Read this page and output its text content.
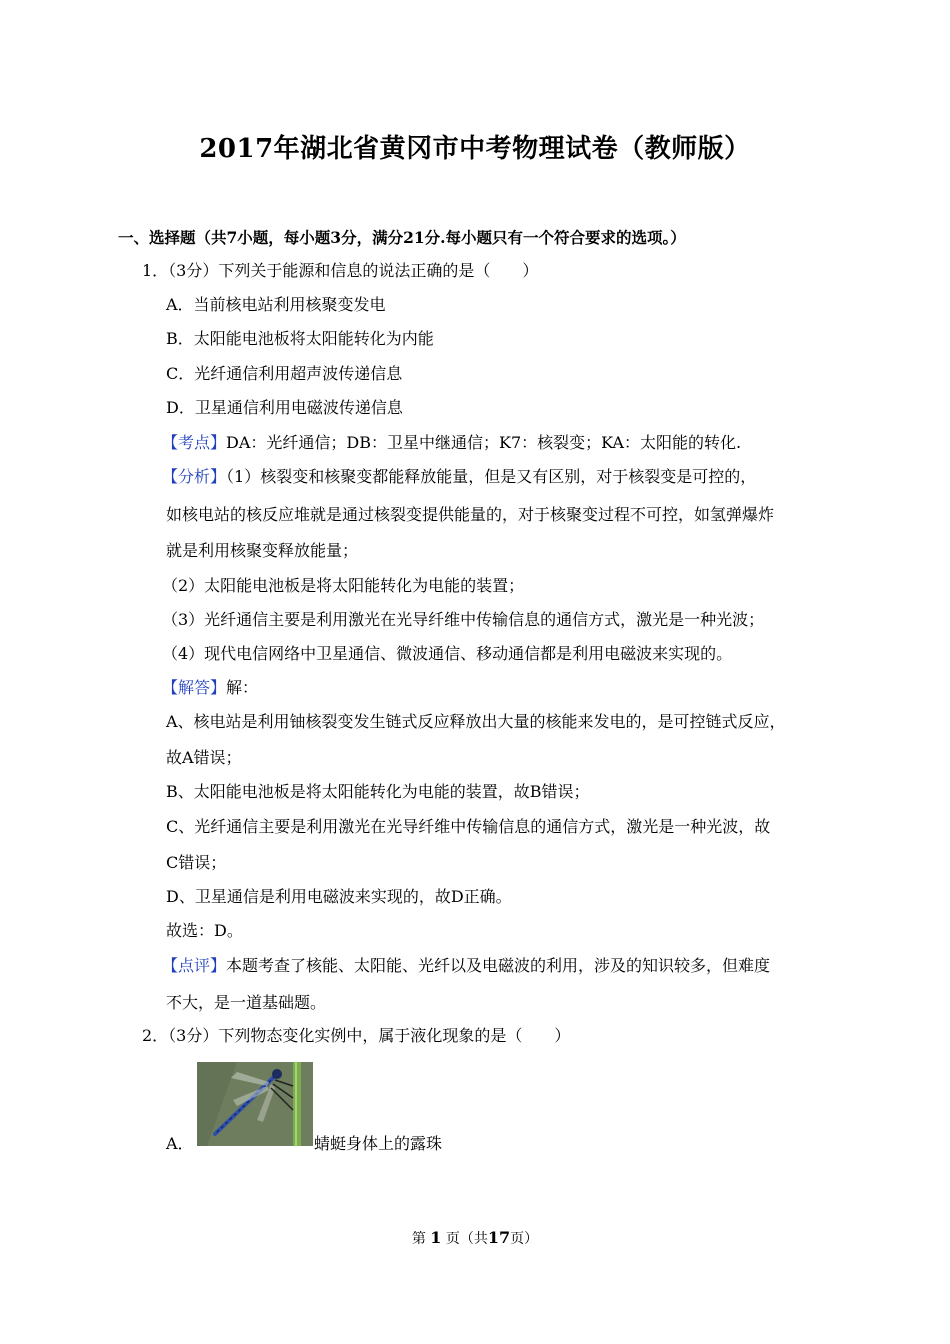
2017年湖北省黄冈市中考物理试卷（教师版）
一、选择题（共7小题，每小题3分，满分21分.每小题只有一个符合要求的选项。）
1．（3分）下列关于能源和信息的说法正确的是（　　）
A．当前核电站利用核聚变发电
B．太阳能电池板将太阳能转化为内能
C．光纤通信利用超声波传递信息
D．卫星通信利用电磁波传递信息
【考点】DA：光纤通信；DB：卫星中继通信；K7：核裂变；KA：太阳能的转化.
【分析】（1）核裂变和核聚变都能释放能量，但是又有区别，对于核裂变是可控的，
如核电站的核反应堆就是通过核裂变提供能量的，对于核聚变过程不可控，如氢弹爆炸
就是利用核聚变释放能量；
（2）太阳能电池板是将太阳能转化为电能的装置；
（3）光纤通信主要是利用激光在光导纤维中传输信息的通信方式，激光是一种光波；
（4）现代电信网络中卫星通信、微波通信、移动通信都是利用电磁波来实现的。
【解答】解：
A、核电站是利用铀核裂变发生链式反应释放出大量的核能来发电的，是可控链式反应，
故A错误；
B、太阳能电池板是将太阳能转化为电能的装置，故B错误；
C、光纤通信主要是利用激光在光导纤维中传输信息的通信方式，激光是一种光波，故
C错误；
D、卫星通信是利用电磁波来实现的，故D正确。
故选：D。
【点评】本题考查了核能、太阳能、光纤以及电磁波的利用，涉及的知识较多，但难度
不大，是一道基础题。
2．（3分）下列物态变化实例中，属于液化现象的是（　　）
A．	蜻蜓身体上的露珠
第 1 页（共17页）
